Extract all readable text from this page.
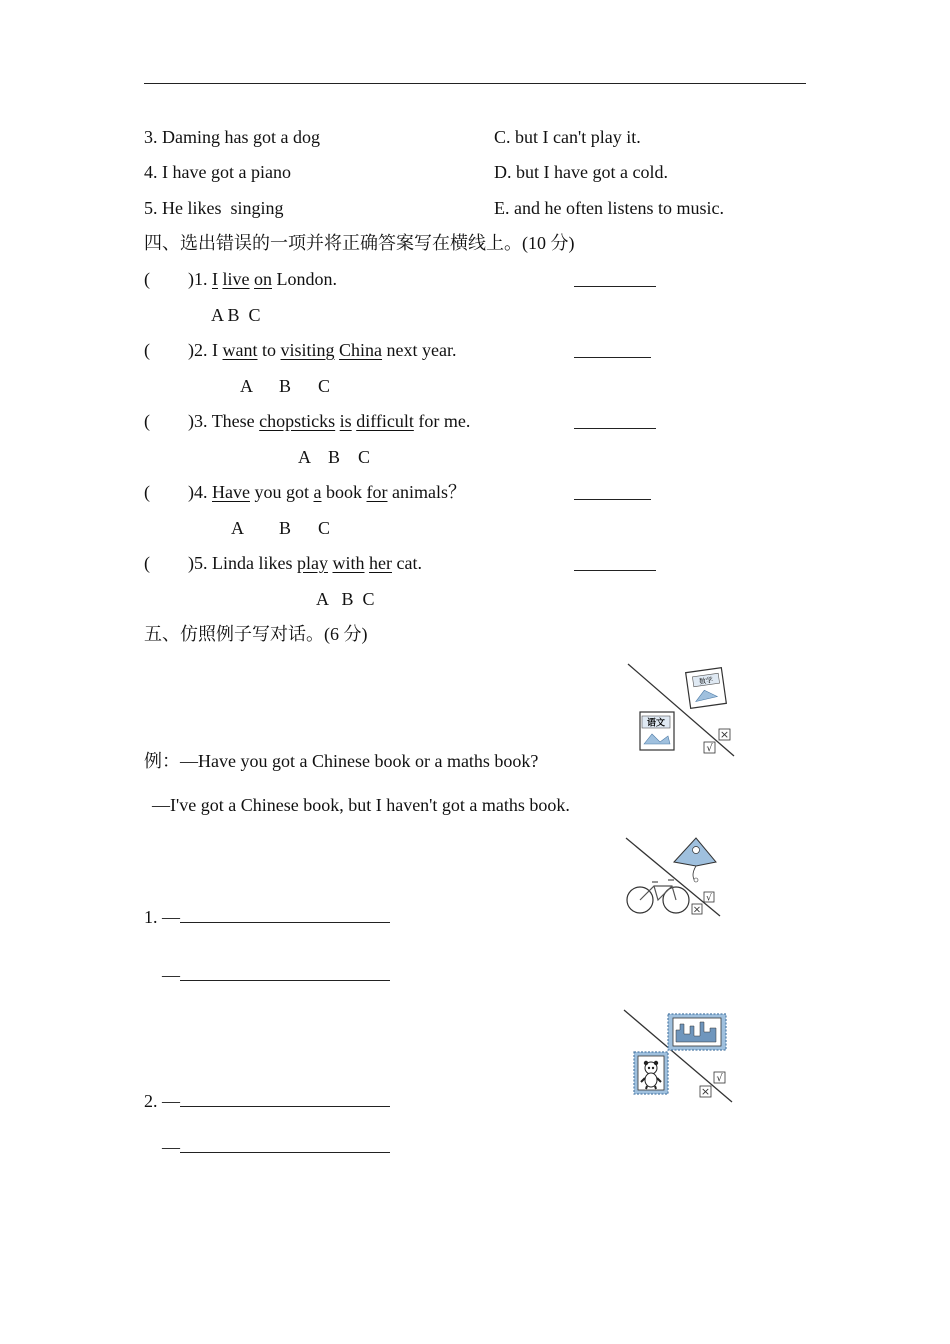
3. Daming has got a dog	C. but I can't play it.
4. I have got a piano	D. but I have got a cold.
5. He likes  singing	E. and he often listens to music.
四、选出错误的一项并将正确答案写在横线上。(10 分)
( )1. I live on London.
A B  C
( )2. I want to visiting China next year.
A      B      C
( )3. These chopsticks is difficult for me.
A    B    C
( )4. Have you got a book for animals？
A        B      C
( )5. Linda likes play with her cat.
A   B  C
五、仿照例子写对话。(6 分)
语文
数学
√
×
例：—Have you got a Chinese book or a maths book?
—I've got a Chinese book, but I haven't got a maths book.
√
×
1. —
—
√
×
2. —
—
